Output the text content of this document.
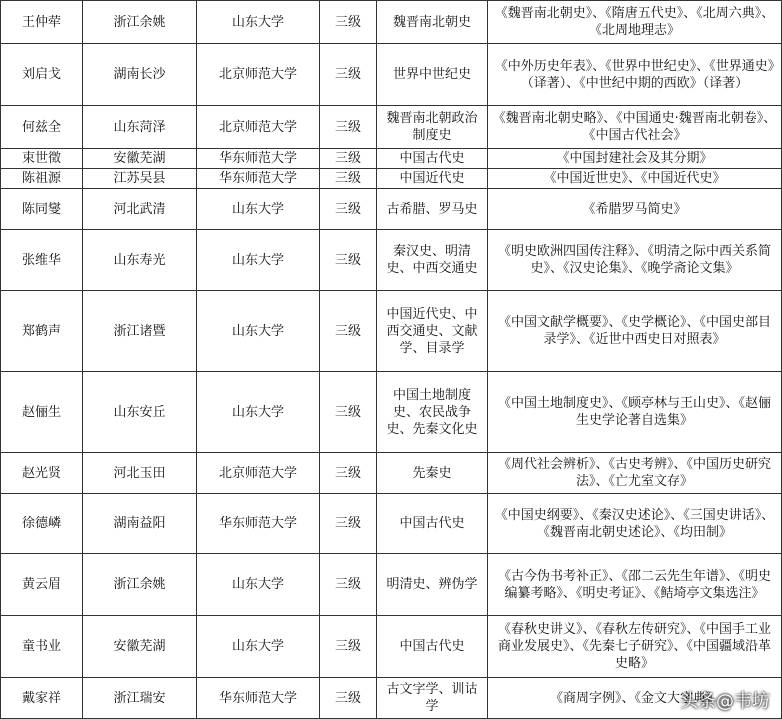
王仲荦	浙江余姚	山东大学	三级	魏晋南北朝史	《魏晋南北朝史》、《隋唐五代史》、《北周六典》、《北周地理志》
刘启戈	湖南长沙	北京师范大学	三级	世界中世纪史	《中外历史年表》、《世界中世纪史》、《世界通史》（译著）、《中世纪中期的西欧》（译著）
何兹全	山东菏泽	北京师范大学	三级	魏晋南北朝政治制度史	《魏晋南北朝史略》、《中国通史·魏晋南北朝卷》、《中国古代社会》
束世徵	安徽芜湖	华东师范大学	三级	中国古代史	《中国封建社会及其分期》
陈祖源	江苏吴县	华东师范大学	三级	中国近代史	《中国近世史》、《中国近代史》
陈同燮	河北武清	山东大学	三级	古希腊、罗马史	《希腊罗马简史》
张维华	山东寿光	山东大学	三级	秦汉史、明清史、中西交通史	《明史欧洲四国传注释》、《明清之际中西关系简史》、《汉史论集》、《晚学斋论文集》
郑鹤声	浙江诸暨	山东大学	三级	中国近代史、中西交通史、文献学、目录学	《中国文献学概要》、《史学概论》、《中国史部目录学》、《近世中西史日对照表》
赵俪生	山东安丘	山东大学	三级	中国土地制度史、农民战争史、先秦文化史	《中国土地制度史》、《顾亭林与王山史》、《赵俪生史学论著自选集》
赵光贤	河北玉田	北京师范大学	三级	先秦史	《周代社会辨析》、《古史考辨》、《中国历史研究法》、《亡尤室文存》
徐德嶙	湖南益阳	华东师范大学	三级	中国古代史	《中国史纲要》、《秦汉史述论》、《三国史讲话》、《魏晋南北朝史述论》、《均田制》
黄云眉	浙江余姚	山东大学	三级	明清史、辨伪学	《古今伪书考补正》、《邵二云先生年谱》、《明史编纂考略》、《明史考证》、《鲒埼亭文集选注》
童书业	安徽芜湖	山东大学	三级	中国古代史	《春秋史讲义》、《春秋左传研究》、《中国手工业商业发展史》、《先秦七子研究》、《中国疆域沿革史略》
戴家祥	浙江瑞安	华东师范大学	三级	古文字学、训诂学	《商周字例》、《金文大字典》
头条@韦坊
